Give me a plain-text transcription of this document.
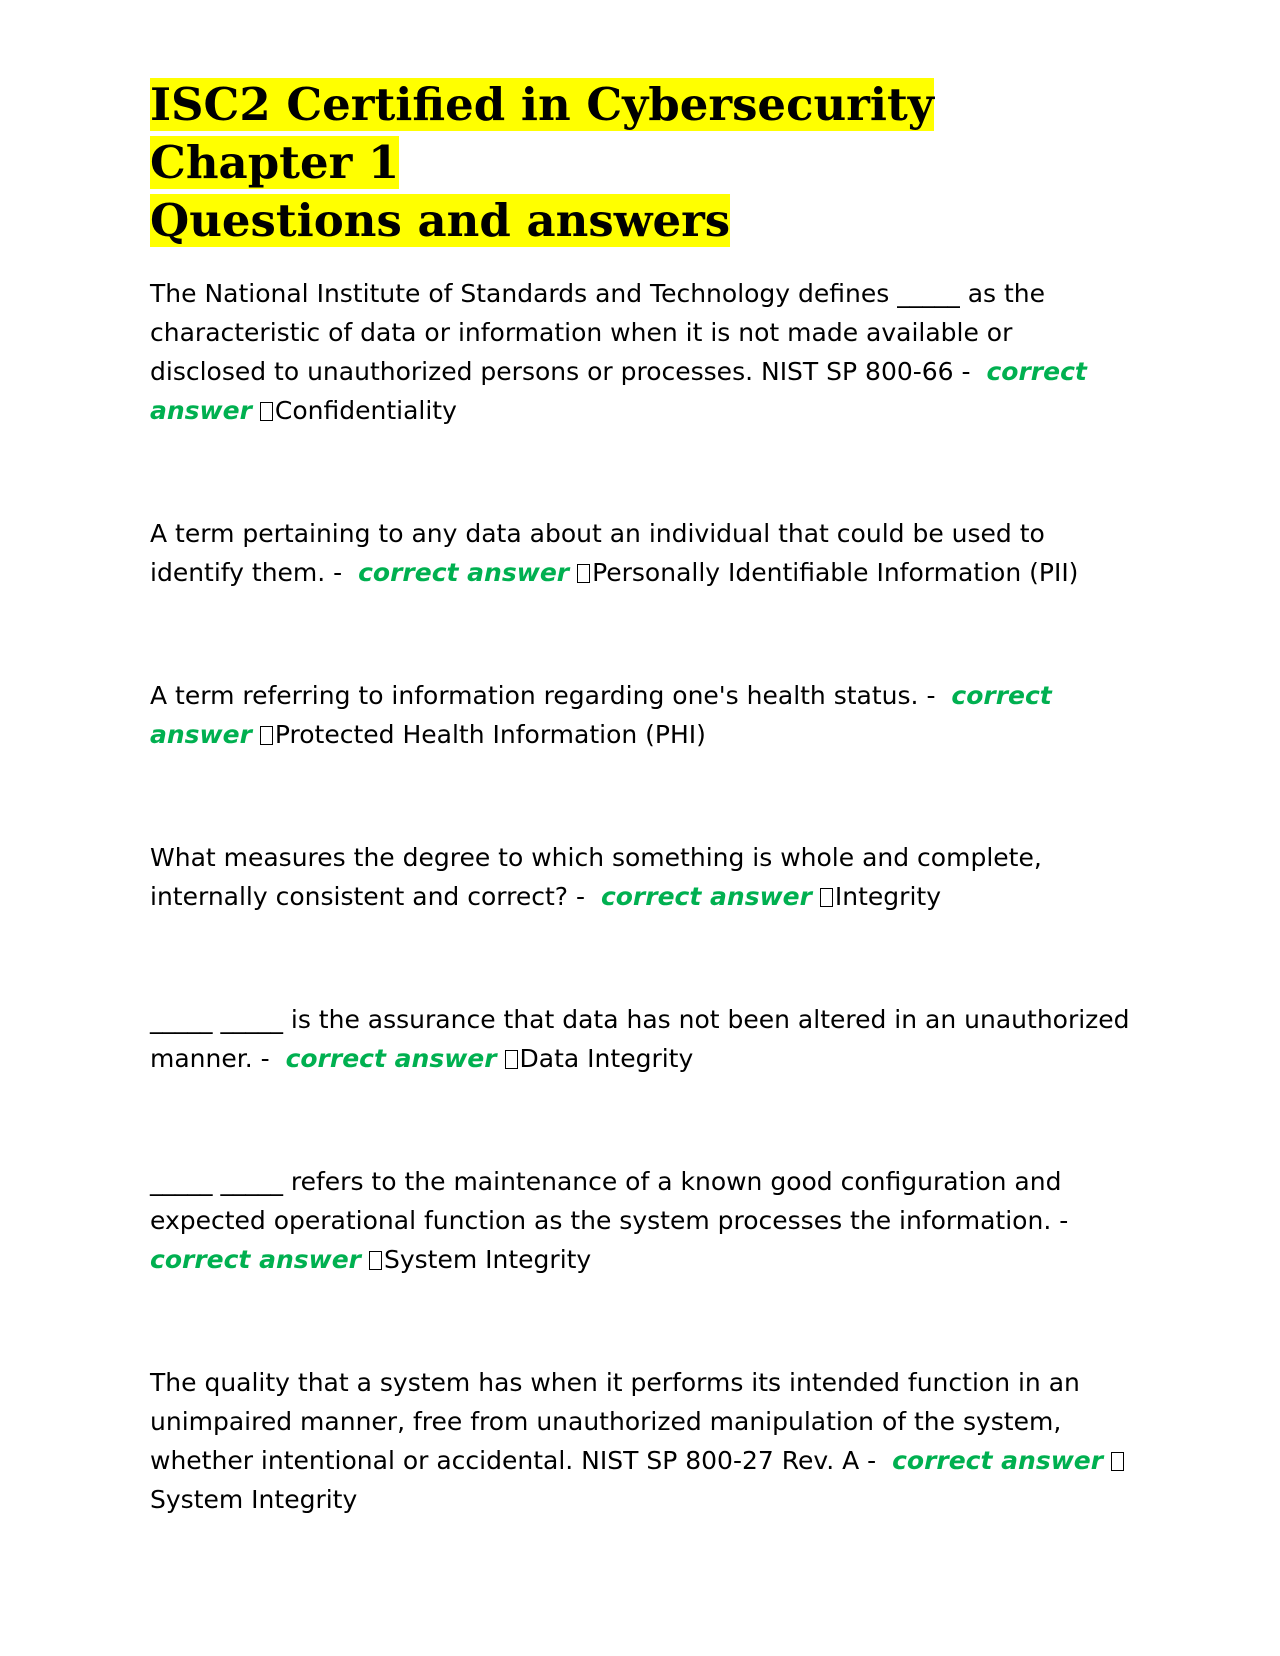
ISC2 Certified in Cybersecurity Chapter 1
Questions and answers

The National Institute of Standards and Technology defines _____ as the characteristic of data or information when it is not made available or disclosed to unauthorized persons or processes. NIST SP 800-66 - correct answer Confidentiality

A term pertaining to any data about an individual that could be used to identify them. - correct answer Personally Identifiable Information (PII)

A term referring to information regarding one's health status. - correct answer Protected Health Information (PHI)

What measures the degree to which something is whole and complete, internally consistent and correct? - correct answer Integrity

_____ _____ is the assurance that data has not been altered in an unauthorized manner. - correct answer Data Integrity

_____ _____ refers to the maintenance of a known good configuration and expected operational function as the system processes the information. -  correct answer System Integrity

The quality that a system has when it performs its intended function in an unimpaired manner, free from unauthorized manipulation of the system, whether intentional or accidental. NIST SP 800-27 Rev. A - correct answer System Integrity
